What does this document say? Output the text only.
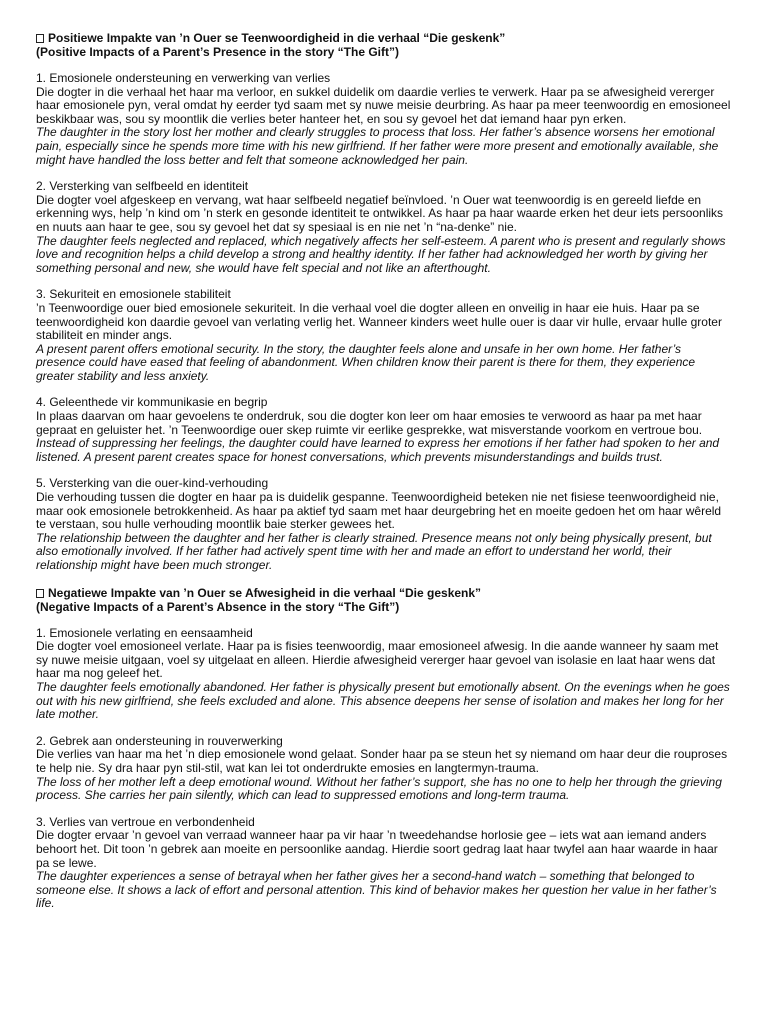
Positiewe Impakte van ’n Ouer se Teenwoordigheid in die verhaal “Die geskenk”
(Positive Impacts of a Parent’s Presence in the story “The Gift”)
1. Emosionele ondersteuning en verwerking van verlies
Die dogter in die verhaal het haar ma verloor, en sukkel duidelik om daardie verlies te verwerk. Haar pa se afwesigheid vererger haar emosionele pyn, veral omdat hy eerder tyd saam met sy nuwe meisie deurbring. As haar pa meer teenwoordig en emosioneel beskikbaar was, sou sy moontlik die verlies beter hanteer het, en sou sy gevoel het dat iemand haar pyn erken.
The daughter in the story lost her mother and clearly struggles to process that loss. Her father’s absence worsens her emotional pain, especially since he spends more time with his new girlfriend. If her father were more present and emotionally available, she might have handled the loss better and felt that someone acknowledged her pain.
2. Versterking van selfbeeld en identiteit
Die dogter voel afgeskeep en vervang, wat haar selfbeeld negatief beïnvloed. ’n Ouer wat teenwoordig is en gereeld liefde en erkenning wys, help ’n kind om ’n sterk en gesonde identiteit te ontwikkel. As haar pa haar waarde erken het deur iets persoonliks en nuuts aan haar te gee, sou sy gevoel het dat sy spesiaal is en nie net ’n “na-denke” nie.
The daughter feels neglected and replaced, which negatively affects her self-esteem. A parent who is present and regularly shows love and recognition helps a child develop a strong and healthy identity. If her father had acknowledged her worth by giving her something personal and new, she would have felt special and not like an afterthought.
3. Sekuriteit en emosionele stabiliteit
’n Teenwoordige ouer bied emosionele sekuriteit. In die verhaal voel die dogter alleen en onveilig in haar eie huis. Haar pa se teenwoordigheid kon daardie gevoel van verlating verlig het. Wanneer kinders weet hulle ouer is daar vir hulle, ervaar hulle groter stabiliteit en minder angs.
A present parent offers emotional security. In the story, the daughter feels alone and unsafe in her own home. Her father’s presence could have eased that feeling of abandonment. When children know their parent is there for them, they experience greater stability and less anxiety.
4. Geleenthede vir kommunikasie en begrip
In plaas daarvan om haar gevoelens te onderdruk, sou die dogter kon leer om haar emosies te verwoord as haar pa met haar gepraat en geluister het. ’n Teenwoordige ouer skep ruimte vir eerlike gesprekke, wat misverstande voorkom en vertroue bou.
Instead of suppressing her feelings, the daughter could have learned to express her emotions if her father had spoken to her and listened. A present parent creates space for honest conversations, which prevents misunderstandings and builds trust.
5. Versterking van die ouer-kind-verhouding
Die verhouding tussen die dogter en haar pa is duidelik gespanne. Teenwoordigheid beteken nie net fisiese teenwoordigheid nie, maar ook emosionele betrokkenheid. As haar pa aktief tyd saam met haar deurgebring het en moeite gedoen het om haar wêreld te verstaan, sou hulle verhouding moontlik baie sterker gewees het.
The relationship between the daughter and her father is clearly strained. Presence means not only being physically present, but also emotionally involved. If her father had actively spent time with her and made an effort to understand her world, their relationship might have been much stronger.
Negatiewe Impakte van ’n Ouer se Afwesigheid in die verhaal “Die geskenk”
(Negative Impacts of a Parent’s Absence in the story “The Gift”)
1. Emosionele verlating en eensaamheid
Die dogter voel emosioneel verlate. Haar pa is fisies teenwoordig, maar emosioneel afwesig. In die aande wanneer hy saam met sy nuwe meisie uitgaan, voel sy uitgelaat en alleen. Hierdie afwesigheid vererger haar gevoel van isolasie en laat haar wens dat haar ma nog geleef het.
The daughter feels emotionally abandoned. Her father is physically present but emotionally absent. On the evenings when he goes out with his new girlfriend, she feels excluded and alone. This absence deepens her sense of isolation and makes her long for her late mother.
2. Gebrek aan ondersteuning in rouverwerking
Die verlies van haar ma het ’n diep emosionele wond gelaat. Sonder haar pa se steun het sy niemand om haar deur die rouproses te help nie. Sy dra haar pyn stil-stil, wat kan lei tot onderdrukte emosies en langtermyn-trauma.
The loss of her mother left a deep emotional wound. Without her father’s support, she has no one to help her through the grieving process. She carries her pain silently, which can lead to suppressed emotions and long-term trauma.
3. Verlies van vertroue en verbondenheid
Die dogter ervaar ’n gevoel van verraad wanneer haar pa vir haar ’n tweedehandse horlosie gee – iets wat aan iemand anders behoort het. Dit toon ’n gebrek aan moeite en persoonlike aandag. Hierdie soort gedrag laat haar twyfel aan haar waarde in haar pa se lewe.
The daughter experiences a sense of betrayal when her father gives her a second-hand watch – something that belonged to someone else. It shows a lack of effort and personal attention. This kind of behavior makes her question her value in her father’s life.
